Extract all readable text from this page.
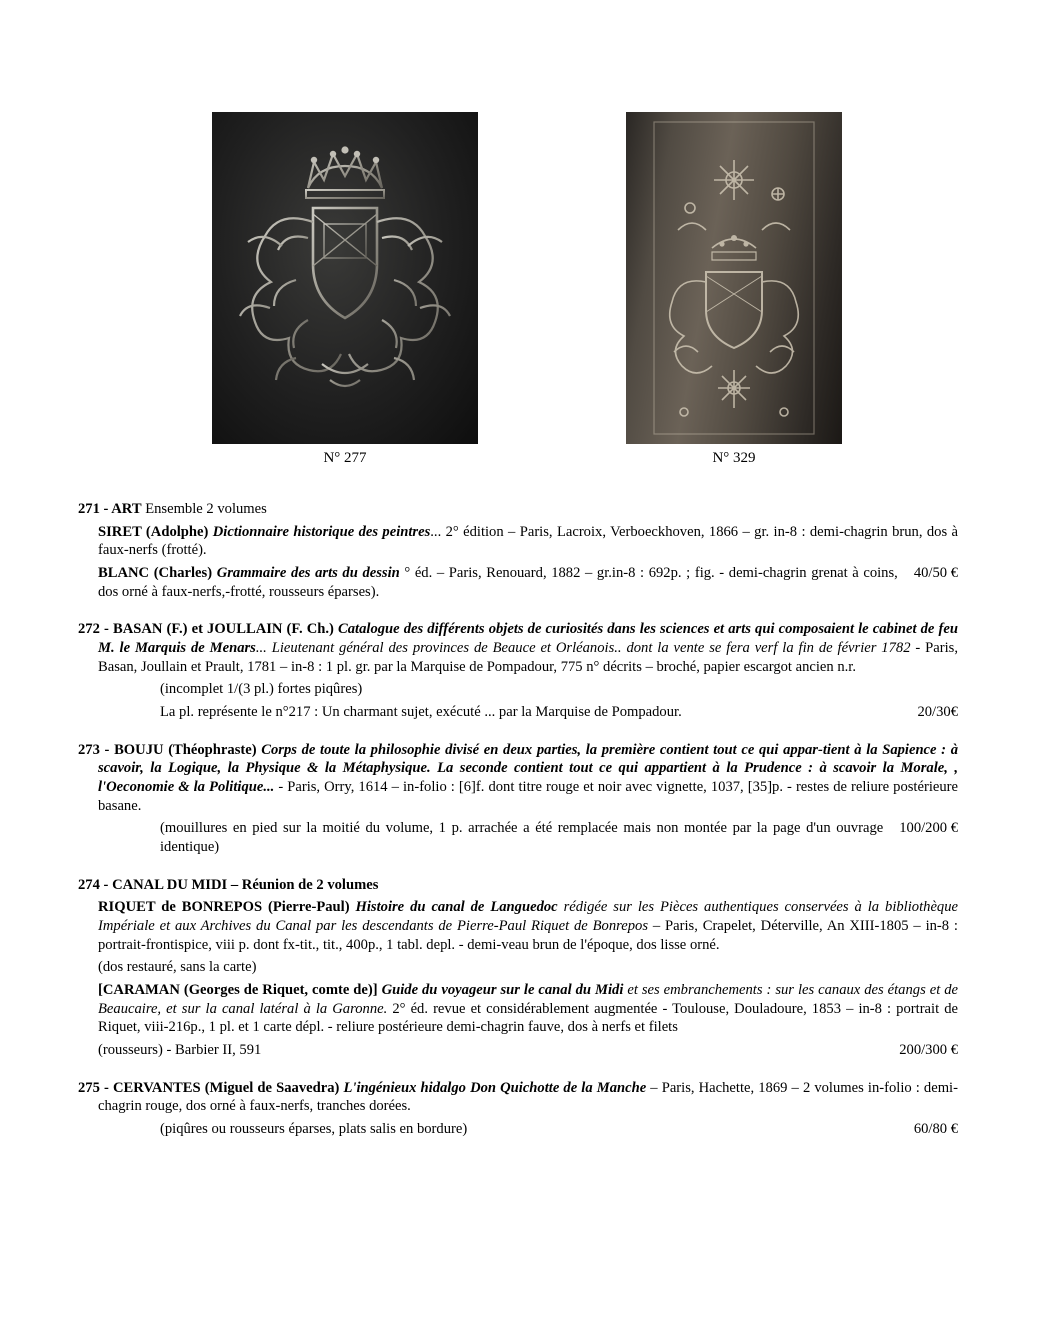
N° 277	N° 329

271 - ART Ensemble 2 volumes

SIRET (Adolphe) Dictionnaire historique des peintres... 2° édition – Paris, Lacroix, Verboeckhoven, 1866 – gr. in-8 : demi-chagrin brun, dos à faux-nerfs (frotté).

40/50 €
BLANC (Charles) Grammaire des arts du dessin ° éd. – Paris, Renouard, 1882 – gr.in-8 : 692p. ; fig. - demi-chagrin grenat à coins, dos orné à faux-nerfs,-frotté, rousseurs éparses).

272 - BASAN (F.) et JOULLAIN (F. Ch.) Catalogue des différents objets de curiosités dans les sciences et arts qui composaient le cabinet de feu M. le Marquis de Menars... Lieutenant général des provinces de Beauce et Orléanois.. dont la vente se fera verf la fin de février 1782 - Paris, Basan, Joullain et Prault, 1781 – in-8 : 1 pl. gr. par la Marquise de Pompadour, 775 n° décrits – broché, papier escargot ancien n.r.

(incomplet 1/(3 pl.) fortes piqûres)

20/30€
La pl. représente le n°217 : Un charmant sujet, exécuté ... par la Marquise de Pompadour.

273 - BOUJU (Théophraste) Corps de toute la philosophie divisé en deux parties, la première contient tout ce qui appar-tient à la Sapience : à scavoir, la Logique, la Physique & la Métaphysique. La seconde contient tout ce qui appartient à la Prudence : à scavoir la Morale, , l'Oeconomie & la Politique... - Paris, Orry, 1614 – in-folio : [6]f. dont titre rouge et noir avec vignette, 1037, [35]p. - restes de reliure postérieure basane.

100/200 €
(mouillures en pied sur la moitié du volume, 1 p. arrachée a été remplacée mais non montée par la page d'un ouvrage identique)

274 - CANAL DU MIDI – Réunion de 2 volumes

RIQUET de BONREPOS (Pierre-Paul) Histoire du canal de Languedoc rédigée sur les Pièces authentiques conservées à la bibliothèque Impériale et aux Archives du Canal par les descendants de Pierre-Paul Riquet de Bonrepos – Paris, Crapelet, Déterville, An XIII-1805 – in-8 : portrait-frontispice, viii p. dont fx-tit., tit., 400p., 1 tabl. depl. - demi-veau brun de l'époque, dos lisse orné.

(dos restauré, sans la carte)

[CARAMAN (Georges de Riquet, comte de)] Guide du voyageur sur le canal du Midi et ses embranchements : sur les canaux des étangs et de Beaucaire, et sur la canal latéral à la Garonne. 2° éd. revue et considérablement augmentée - Toulouse, Douladoure, 1853 – in-8 : portrait de Riquet, viii-216p., 1 pl. et 1 carte dépl. - reliure postérieure demi-chagrin fauve, dos à nerfs et filets

200/300 €
(rousseurs) - Barbier II, 591

275 - CERVANTES (Miguel de Saavedra) L'ingénieux hidalgo Don Quichotte de la Manche – Paris, Hachette, 1869 – 2 volumes in-folio : demi-chagrin rouge, dos orné à faux-nerfs, tranches dorées.

60/80 €
(piqûres ou rousseurs éparses, plats salis en bordure)
